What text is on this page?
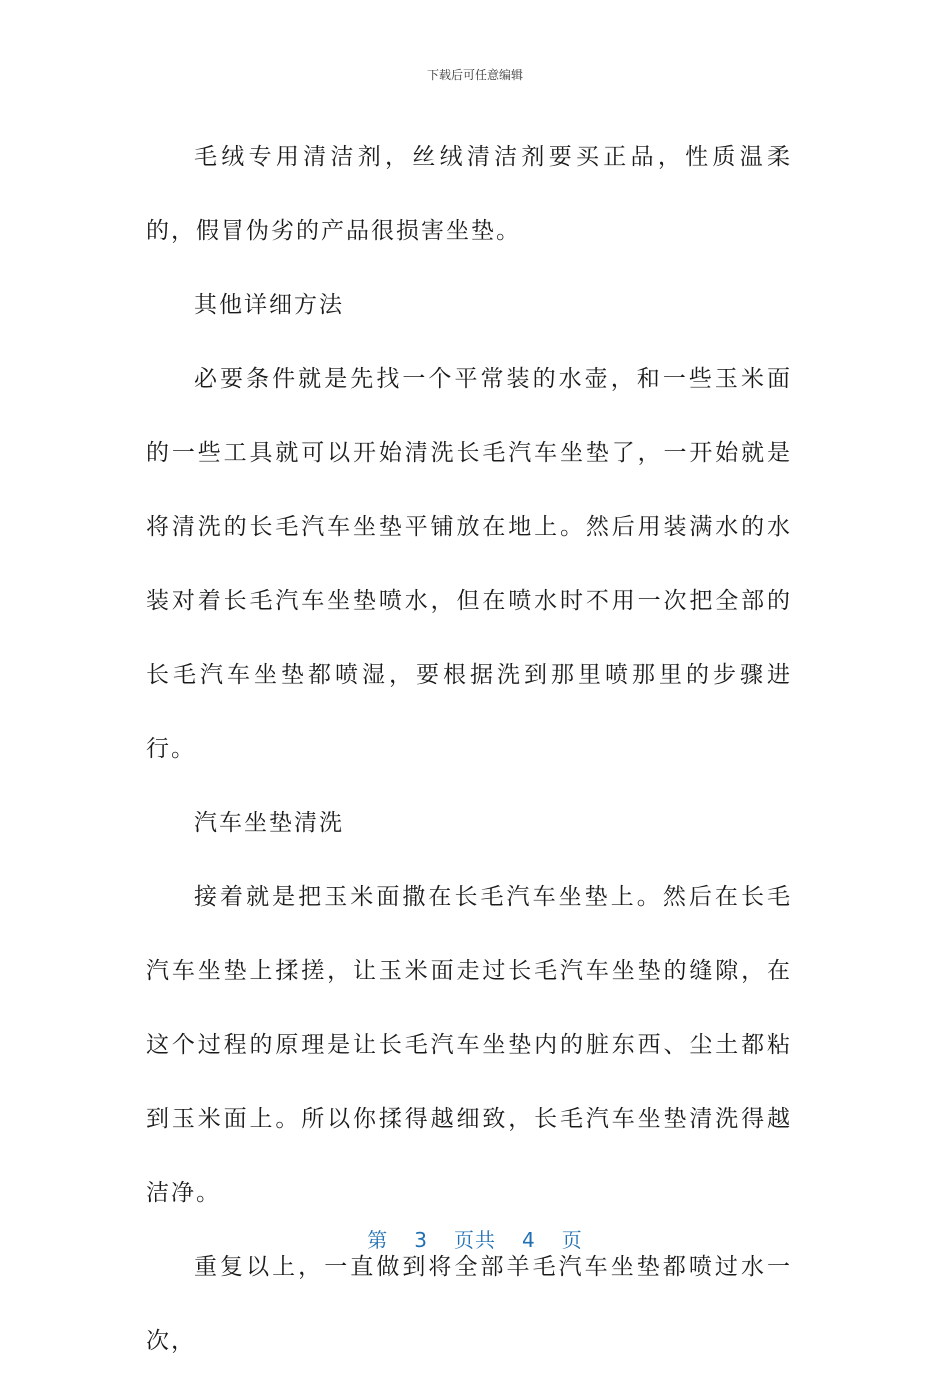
下载后可任意编辑

毛绒专用清洁剂，丝绒清洁剂要买正品，性质温柔的，假冒伪劣的产品很损害坐垫。

其他详细方法

必要条件就是先找一个平常装的水壶，和一些玉米面的一些工具就可以开始清洗长毛汽车坐垫了，一开始就是将清洗的长毛汽车坐垫平铺放在地上。然后用装满水的水装对着长毛汽车坐垫喷水，但在喷水时不用一次把全部的长毛汽车坐垫都喷湿，要根据洗到那里喷那里的步骤进行。

汽车坐垫清洗

接着就是把玉米面撒在长毛汽车坐垫上。然后在长毛汽车坐垫上揉搓，让玉米面走过长毛汽车坐垫的缝隙，在这个过程的原理是让长毛汽车坐垫内的脏东西、尘土都粘到玉米面上。所以你揉得越细致，长毛汽车坐垫清洗得越洁净。

重复以上，一直做到将全部羊毛汽车坐垫都喷过水一次，

第 3 页共 4 页
